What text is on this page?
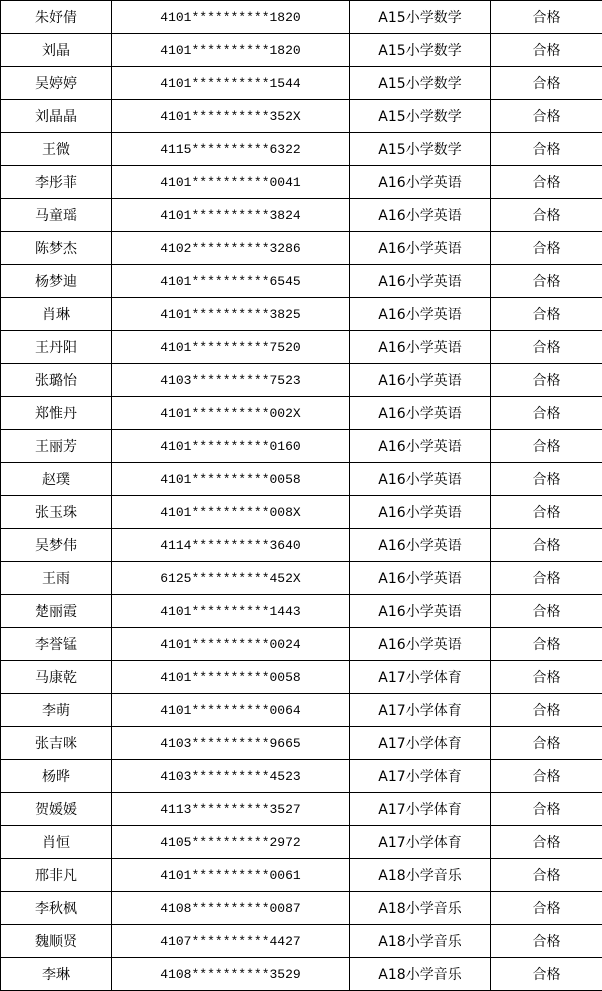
朱妤倩	4101**********1820	A15小学数学	合格
刘晶	4101**********1820	A15小学数学	合格
吴婷婷	4101**********1544	A15小学数学	合格
刘晶晶	4101**********352X	A15小学数学	合格
王微	4115**********6322	A15小学数学	合格
李彤菲	4101**********0041	A16小学英语	合格
马童瑶	4101**********3824	A16小学英语	合格
陈梦杰	4102**********3286	A16小学英语	合格
杨梦迪	4101**********6545	A16小学英语	合格
肖琳	4101**********3825	A16小学英语	合格
王丹阳	4101**********7520	A16小学英语	合格
张璐怡	4103**********7523	A16小学英语	合格
郑惟丹	4101**********002X	A16小学英语	合格
王丽芳	4101**********0160	A16小学英语	合格
赵璞	4101**********0058	A16小学英语	合格
张玉珠	4101**********008X	A16小学英语	合格
吴梦伟	4114**********3640	A16小学英语	合格
王雨	6125**********452X	A16小学英语	合格
楚丽霞	4101**********1443	A16小学英语	合格
李誉锰	4101**********0024	A16小学英语	合格
马康乾	4101**********0058	A17小学体育	合格
李萌	4101**********0064	A17小学体育	合格
张吉咪	4103**********9665	A17小学体育	合格
杨晔	4103**********4523	A17小学体育	合格
贺媛媛	4113**********3527	A17小学体育	合格
肖恒	4105**********2972	A17小学体育	合格
邢非凡	4101**********0061	A18小学音乐	合格
李秋枫	4108**********0087	A18小学音乐	合格
魏顺贤	4107**********4427	A18小学音乐	合格
李琳	4108**********3529	A18小学音乐	合格
